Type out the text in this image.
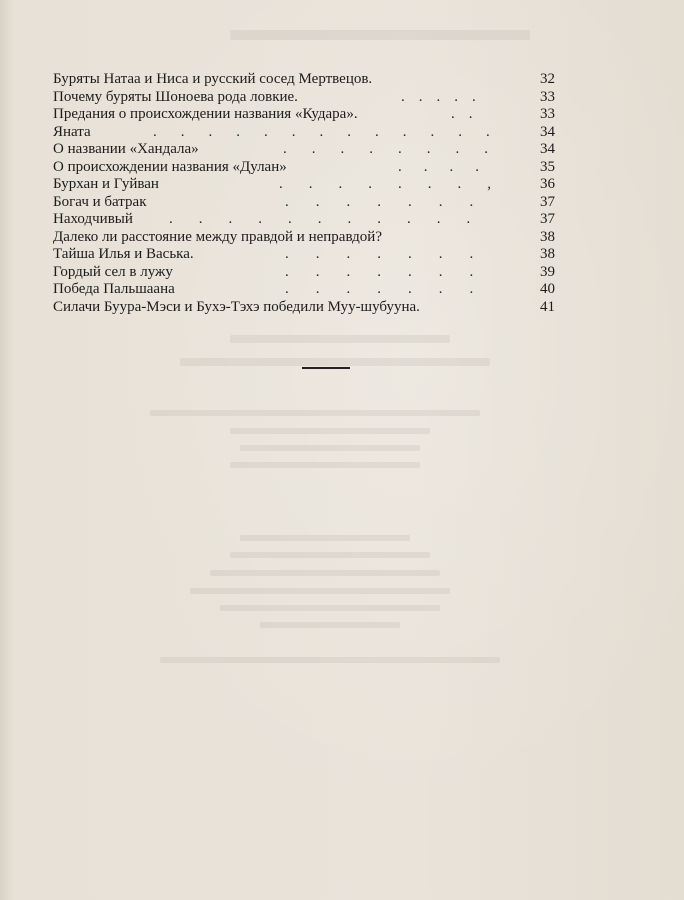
Буряты Натаа и Ниса и русский сосед Мертвецов.	32
Почему буряты Шоноева рода ловкие.	.....	33
Предания о происхождении названия «Кудара».	..	33
Яната	.............	34
О названии «Хандала»	........	34
О происхождении названия «Дулан»	....	35
Бурхан и Гуйван	.......,	36
Богач и батрак	.......	37
Находчивый ...........	37
Далеко ли расстояние между правдой и неправдой?	38
Тайша Илья и Васька.	.......	38
Гордый сел в лужу	.......	39
Победа Пальшаана	.......	40
Силачи Буура-Мэси и Бухэ-Тэхэ победили Муу-шубууна.	41
